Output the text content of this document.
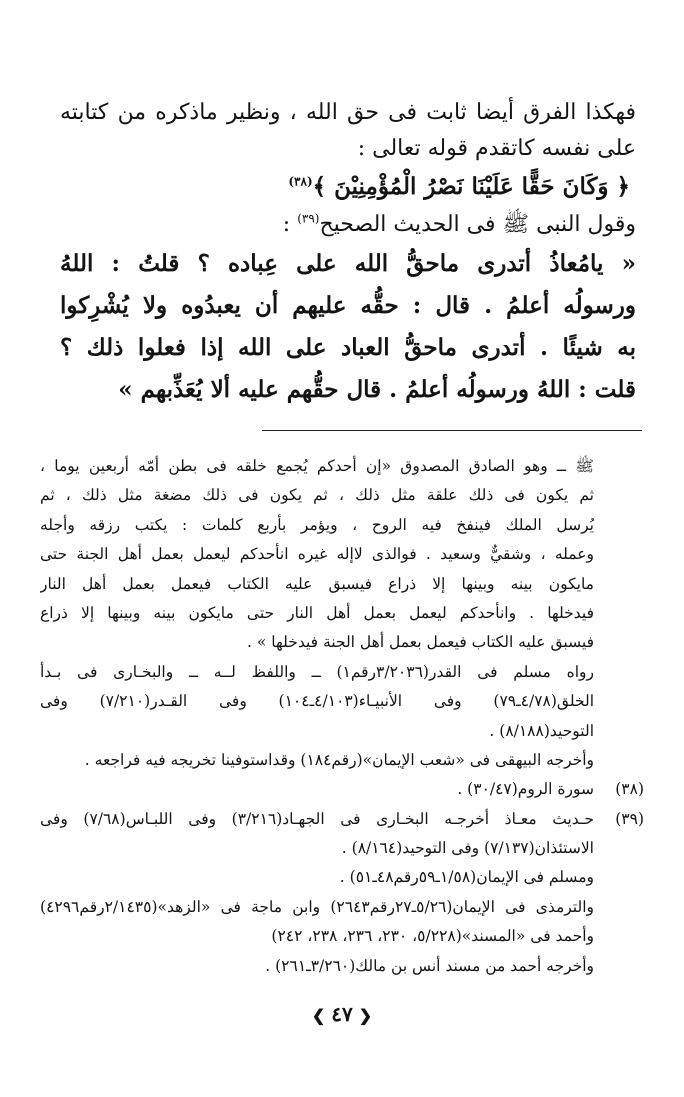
فهكذا الفرق أيضا ثابت فى حق الله ، ونظير ماذكره من كتابته
على نفسه كاتقدم قوله تعالى :
﴿ وَكَانَ حَقًّا عَلَيْنَا نَصْرُ الْمُؤْمِنِيْنَ ﴾$^{(٣٨)}$
وقول النبى ﷺ فى الحديث الصحيح$^{(٣٩)}$ :
« يامُعاذُ أتدرى ماحقُّ الله على عِباده ؟ قلتُ : اللهُ
ورسولُه أعلمُ . قال : حقُّه عليهم أن يعبدُوه ولا يُشْرِكوا
به شيئًا . أتدرى ماحقُّ العباد على الله إذا فعلوا ذلك ؟
قلت : اللهُ ورسولُه أعلمُ . قال حقُّهم عليه ألا يُعَذِّبهم »
ﷺ ــ وهو الصادق المصدوق «إن أحدكم يُجمع خلقه فى بطن أمّه أربعين يوما ،
ثم يكون فى ذلك علقة مثل ذلك ، ثم يكون فى ذلك مضغة مثل ذلك ، ثم
يُرسل الملك فينفخ فيه الروح ، ويؤمر بأربع كلمات : يكتب رزقه وأجله
وعمله ، وشقيٌّ وسعيد . فوالذى لاإله غيره انأحدكم ليعمل بعمل أهل الجنة حتى
مايكون بينه وبينها إلا ذراع فيسبق عليه الكتاب فيعمل بعمل أهل النار
فيدخلها . وانأحدكم ليعمل بعمل أهل النار حتى مايكون بينه وبينها إلا ذراع
فيسبق عليه الكتاب فيعمل بعمل أهل الجنة فيدخلها » .
رواه مسلم فى القدر(٣/٢٠٣٦رقم١) ــ واللفظ لــه ــ والبخـارى فى بـدأ
الخلق(٤/٧٨ـ٧٩) وفى الأنبيـاء(٤/١٠٣ـ١٠٤) وفى القـدر(٧/٢١٠) وفى
التوحيد(٨/١٨٨) .
وأخرجه البيهقى فى «شعب الإيمان»(رقم١٨٤) وقداستوفينا تخريجه فيه فراجعه .
(٣٨)
سورة الروم(٣٠/٤٧) .
(٣٩)
حـديث معـاذ أخرجـه البخـارى فى الجهـاد(٣/٢١٦) وفى اللبـاس(٧/٦٨) وفى
الاستئذان(٧/١٣٧) وفى التوحيد(٨/١٦٤) .
ومسلم فى الإيمان(١/٥٨ـ٥٩رقم٤٨ـ٥١) .
والترمذى فى الإيمان(٥/٢٦ـ٢٧رقم٢٦٤٣) وابن ماجة فى «الزهد»(٢/١٤٣٥رقم٤٢٩٦)
وأحمد فى «المسند»(٥/٢٢٨، ٢٣٠، ٢٣٦، ٢٣٨، ٢٤٢)
وأخرجه أحمد من مسند أنس بن مالك(٣/٢٦٠ـ٢٦١) .
❮٤٧❯
